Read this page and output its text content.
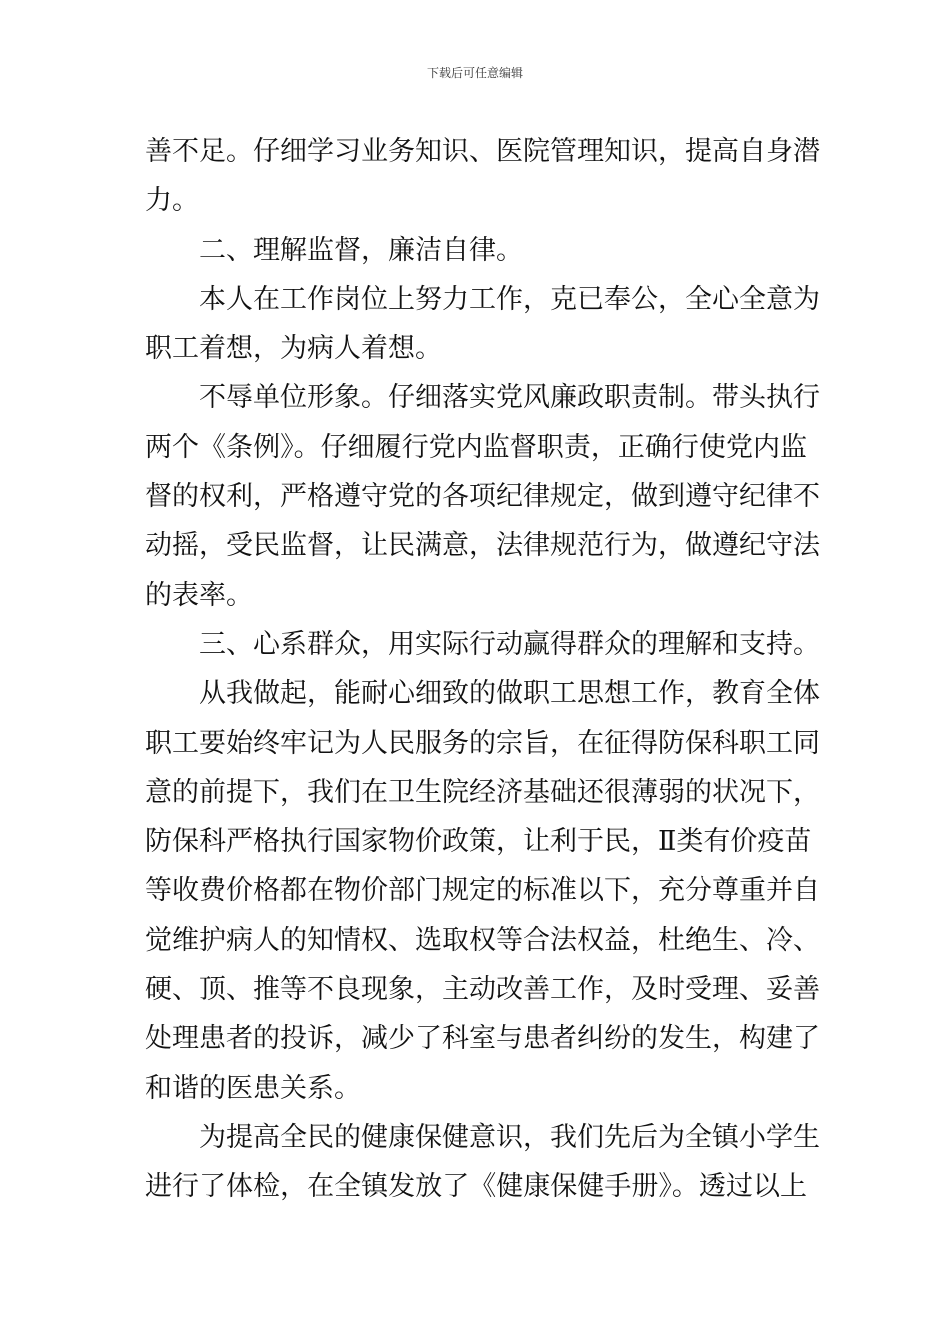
下载后可任意编辑
善不足。仔细学习业务知识、医院管理知识，提高自身潜
力。
二、理解监督，廉洁自律。
本人在工作岗位上努力工作，克已奉公，全心全意为
职工着想，为病人着想。
不辱单位形象。仔细落实党风廉政职责制。带头执行
两个《条例》。仔细履行党内监督职责，正确行使党内监
督的权利，严格遵守党的各项纪律规定，做到遵守纪律不
动摇，受民监督，让民满意，法律规范行为，做遵纪守法
的表率。
三、心系群众，用实际行动赢得群众的理解和支持。
从我做起，能耐心细致的做职工思想工作，教育全体
职工要始终牢记为人民服务的宗旨，在征得防保科职工同
意的前提下，我们在卫生院经济基础还很薄弱的状况下，
防保科严格执行国家物价政策，让利于民，Ⅱ类有价疫苗
等收费价格都在物价部门规定的标准以下，充分尊重并自
觉维护病人的知情权、选取权等合法权益，杜绝生、冷、
硬、顶、推等不良现象，主动改善工作，及时受理、妥善
处理患者的投诉，减少了科室与患者纠纷的发生，构建了
和谐的医患关系。
为提高全民的健康保健意识，我们先后为全镇小学生
进行了体检，在全镇发放了《健康保健手册》。透过以上
